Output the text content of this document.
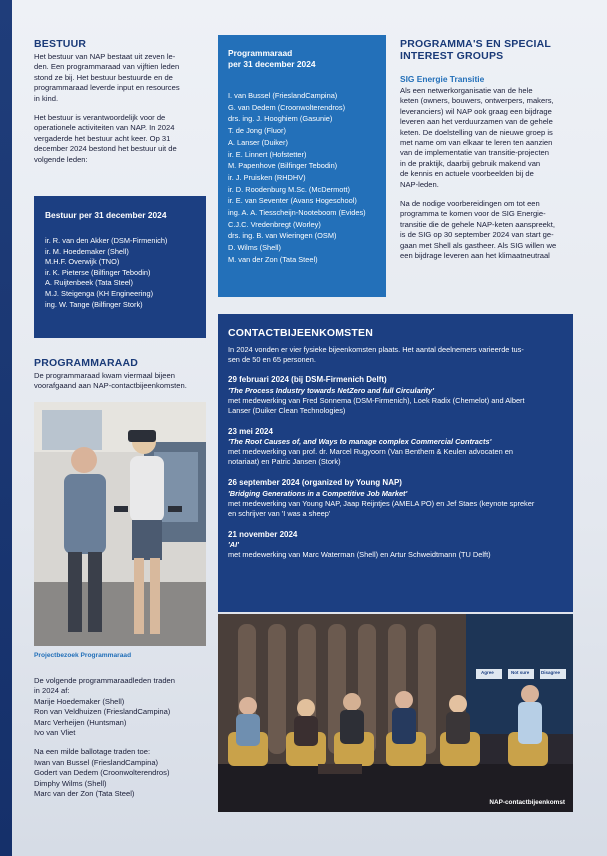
BESTUUR
Het bestuur van NAP bestaat uit zeven le-
den. Een programmaraad van vijftien leden
stond ze bij. Het bestuur bestuurde en de
programmaraad leverde input en resources
in kind.
Het bestuur is verantwoordelijk voor de
operationele activiteiten van NAP. In 2024
vergaderde het bestuur acht keer. Op 31
december 2024 bestond het bestuur uit de
volgende leden:
Bestuur per 31 december 2024
ir. R. van den Akker (DSM-Firmenich)
ir. M. Hoedemaker (Shell)
M.H.F. Overwijk (TNO)
ir. K. Pieterse (Bilfinger Tebodin)
A. Ruijtenbeek (Tata Steel)
M.J. Steigenga (KH Engineering)
ing. W. Tange (Bilfinger Stork)
PROGRAMMARAAD
De programmaraad kwam viermaal bijeen
voorafgaand aan NAP-contactbijeenkomsten.
Projectbezoek Programmaraad
De volgende programmaraadleden traden
in 2024 af:
Marije Hoedemaker (Shell)
Ron van Veldhuizen (FrieslandCampina)
Marc Verheijen (Huntsman)
Ivo van Vliet
Na een milde ballotage traden toe:
Iwan van Bussel (FrieslandCampina)
Godert van Dedem (Croonwolterendros)
Dimphy Wilms (Shell)
Marc van der Zon (Tata Steel)
Programmaraad
per 31 december 2024
I. van Bussel (FrieslandCampina)
G. van Dedem (Croonwolterendros)
drs. ing. J. Hooghiem (Gasunie)
T. de Jong (Fluor)
A. Lanser (Duiker)
ir. E. Linnert (Hofstetter)
M. Papenhove (Bilfinger Tebodin)
ir. J. Pruisken (RHDHV)
ir. D. Roodenburg M.Sc. (McDermott)
ir. E. van Seventer (Avans Hogeschool)
ing. A. A. Tiesscheijn-Nooteboom (Evides)
C.J.C. Vredenbregt (Worley)
drs. ing. B. van Wieringen (OSM)
D. Wilms (Shell)
M. van der Zon (Tata Steel)
PROGRAMMA'S EN SPECIAL
INTEREST GROUPS
SIG Energie Transitie
Als een netwerkorganisatie van de hele
keten (owners, bouwers, ontwerpers, makers,
leveranciers) wil NAP ook graag een bijdrage
leveren aan het verduurzamen van de gehele
keten. De doelstelling van de nieuwe groep is
met name om van elkaar te leren ten aanzien
van de implementatie van transitie-projecten
in de praktijk, daarbij gebruik makend van
de kennis en actuele voorbeelden bij de
NAP-leden.
Na de nodige voorbereidingen om tot een
programma te komen voor de SIG Energie-
transitie die de gehele NAP-keten aanspreekt,
is de SIG op 30 september 2024 van start ge-
gaan met Shell als gastheer. Als SIG willen we
een bijdrage leveren aan het klimaatneutraal
CONTACTBIJEENKOMSTEN
In 2024 vonden er vier fysieke bijeenkomsten plaats. Het aantal deelnemers varieerde tus-
sen de 50 en 65 personen.
29 februari 2024 (bij DSM-Firmenich Delft)
'The Process Industry towards NetZero and full Circularity'
met medewerking van Fred Sonnema (DSM-Firmenich), Loek Radix (Chemelot) and Albert
Lanser (Duiker Clean Technologies)
23 mei 2024
'The Root Causes of, and Ways to manage complex Commercial Contracts'
met medewerking van prof. dr. Marcel Rugyoorn (Van Benthem & Keulen advocaten en
notariaat) en Patric Jansen (Stork)
26 september 2024 (organized by Young NAP)
'Bridging Generations in a Competitive Job Market'
met medewerking van Young NAP, Jaap Reijntjes (AMELA PO) en Jef Staes (keynote spreker
en schrijver van 'I was a sheep'
21 november 2024
'AI'
met medewerking van Marc Waterman (Shell) en Artur Schweidtmann (TU Delft)
Agree	Not sure	Disagree
NAP-contactbijeenkomst
